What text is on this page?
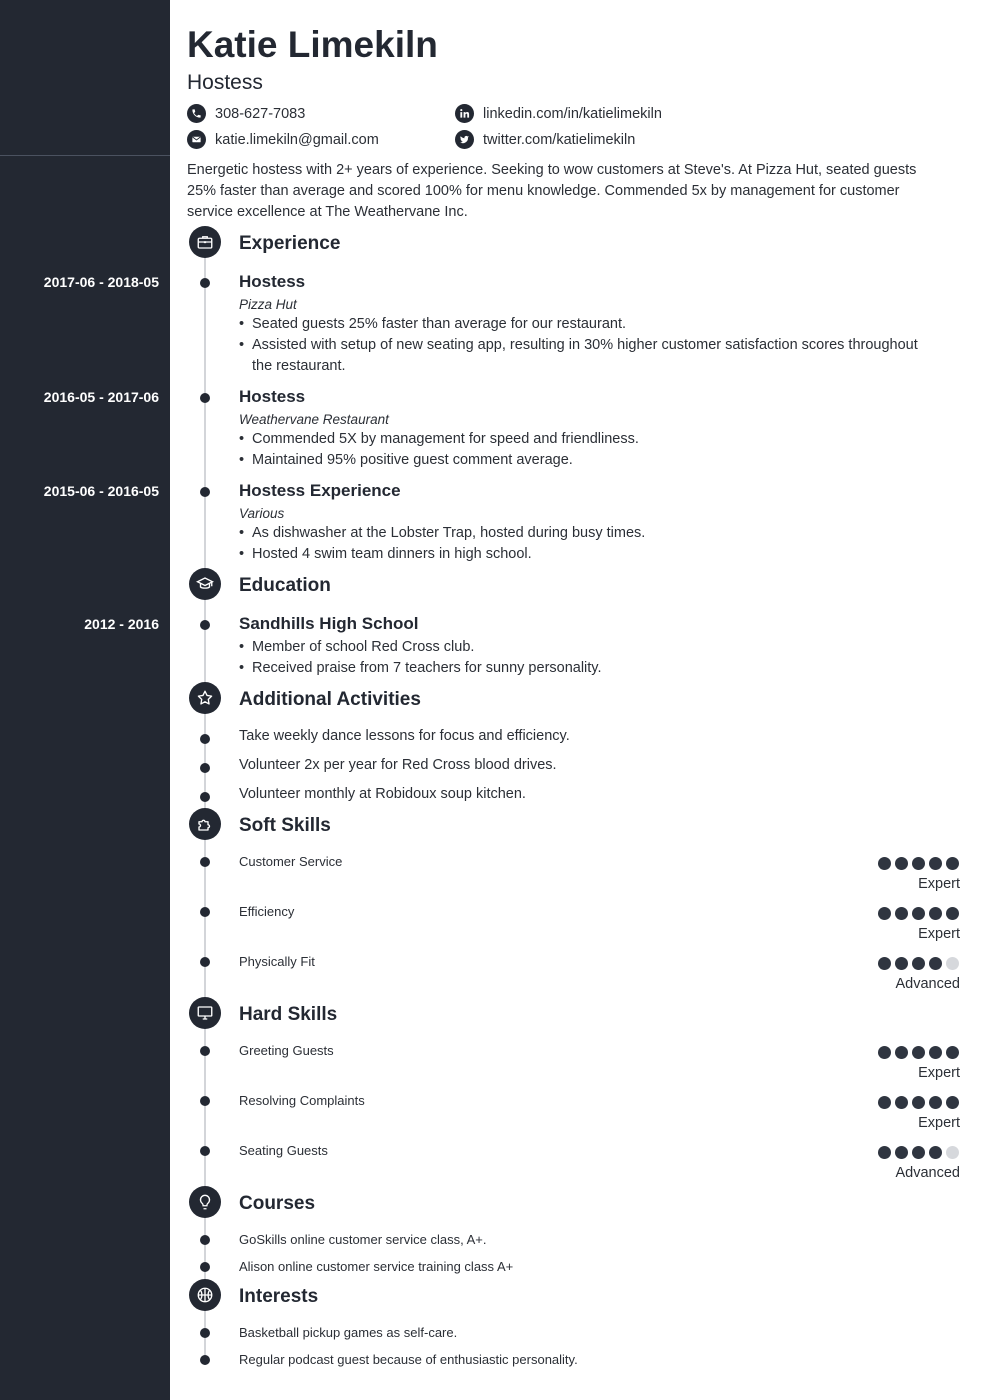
2017-06 - 2018-05
2016-05 - 2017-06
2015-06 - 2016-05
2012 - 2016
Katie Limekiln
Hostess
308-627-7083
katie.limekiln@gmail.com
linkedin.com/in/katielimekiln
twitter.com/katielimekiln
Energetic hostess with 2+ years of experience. Seeking to wow customers at Steve's. At Pizza Hut, seated guests 25% faster than average and scored 100% for menu knowledge. Commended 5x by management for customer service excellence at The Weathervane Inc.
Experience
Hostess
Pizza Hut
• Seated guests 25% faster than average for our restaurant.
• Assisted with setup of new seating app, resulting in 30% higher customer satisfaction scores throughout the restaurant.
Hostess
Weathervane Restaurant
• Commended 5X by management for speed and friendliness.
• Maintained 95% positive guest comment average.
Hostess Experience
Various
• As dishwasher at the Lobster Trap, hosted during busy times.
• Hosted 4 swim team dinners in high school.
Education
Sandhills High School
• Member of school Red Cross club.
• Received praise from 7 teachers for sunny personality.
Additional Activities
Take weekly dance lessons for focus and efficiency.
Volunteer 2x per year for Red Cross blood drives.
Volunteer monthly at Robidoux soup kitchen.
Soft Skills
Customer Service
Expert
Efficiency
Expert
Physically Fit
Advanced
Hard Skills
Greeting Guests
Expert
Resolving Complaints
Expert
Seating Guests
Advanced
Courses
GoSkills online customer service class, A+.
Alison online customer service training class A+
Interests
Basketball pickup games as self-care.
Regular podcast guest because of enthusiastic personality.
